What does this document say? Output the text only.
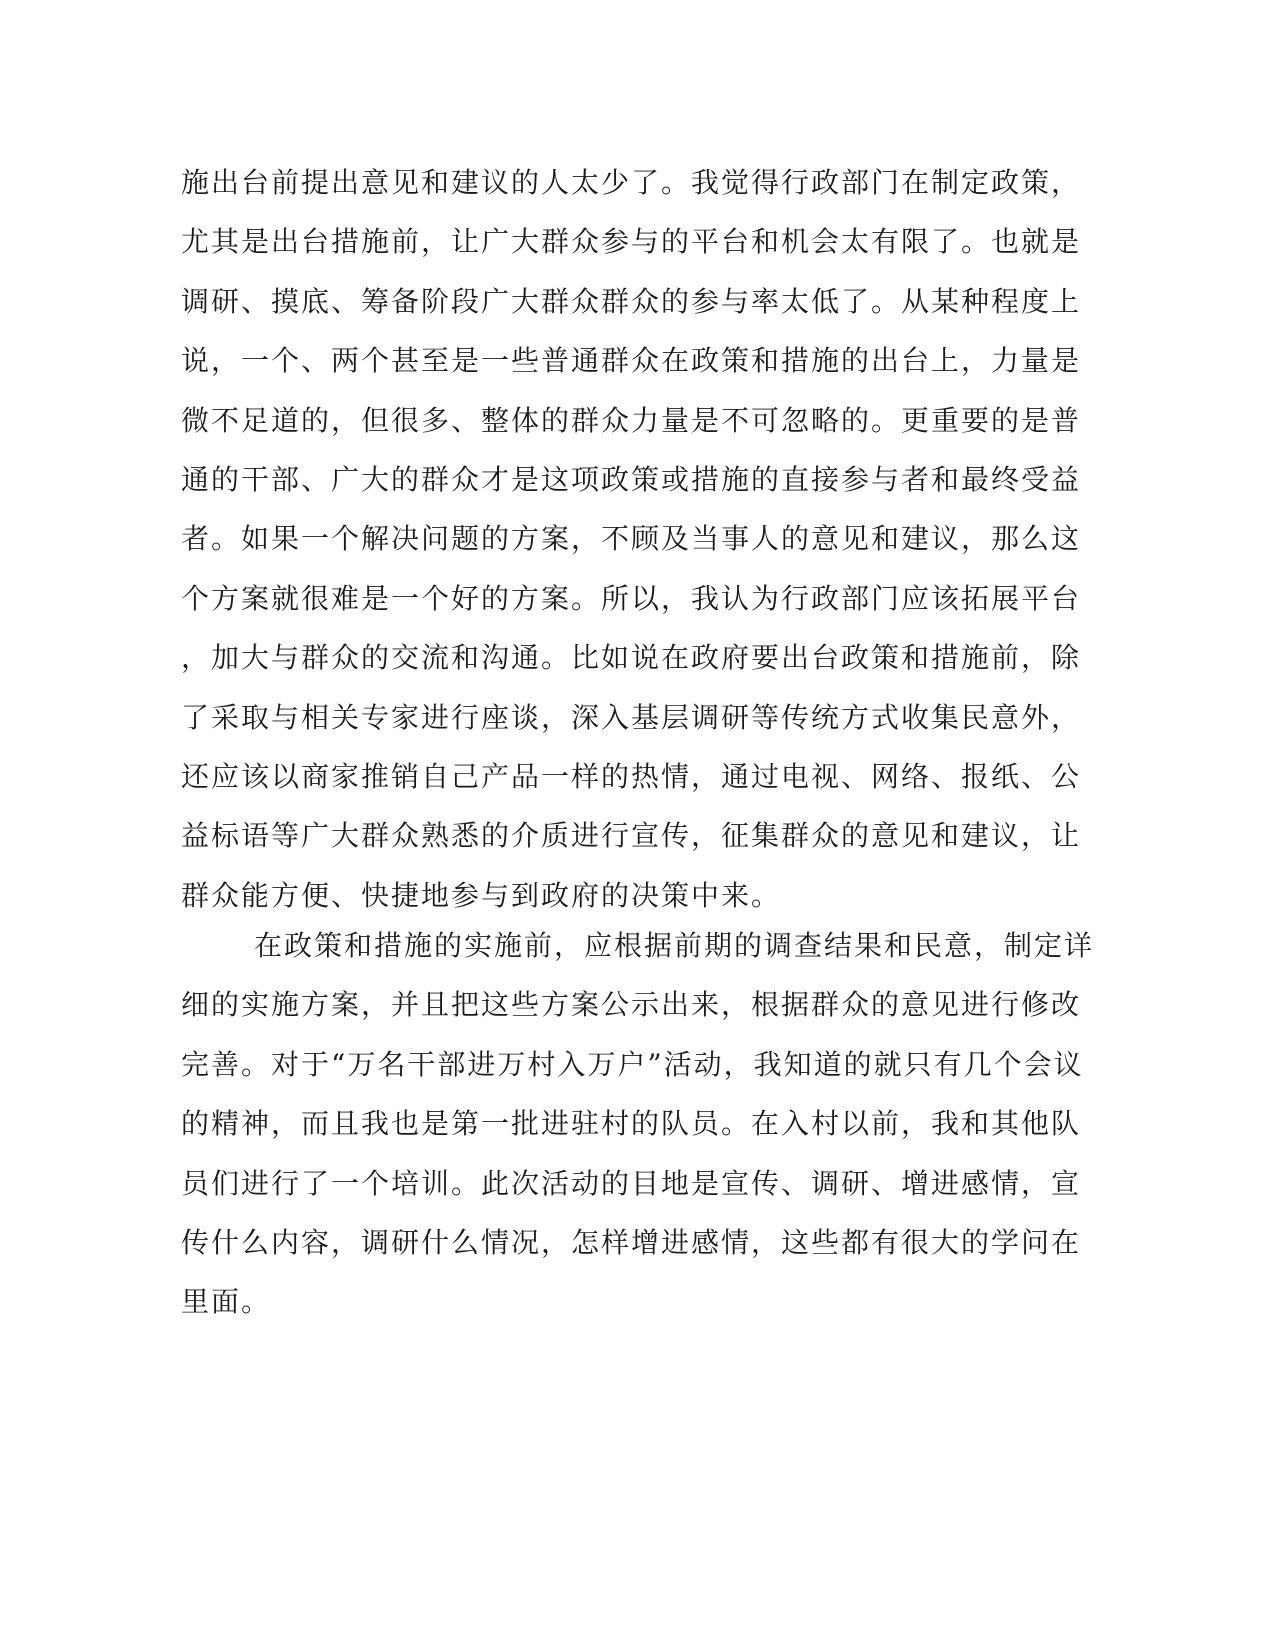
施出台前提出意见和建议的人太少了。我觉得行政部门在制定政策，
尤其是出台措施前，让广大群众参与的平台和机会太有限了。也就是
调研、摸底、筹备阶段广大群众群众的参与率太低了。从某种程度上
说，一个、两个甚至是一些普通群众在政策和措施的出台上，力量是
微不足道的，但很多、整体的群众力量是不可忽略的。更重要的是普
通的干部、广大的群众才是这项政策或措施的直接参与者和最终受益
者。如果一个解决问题的方案，不顾及当事人的意见和建议，那么这
个方案就很难是一个好的方案。所以，我认为行政部门应该拓展平台
，加大与群众的交流和沟通。比如说在政府要出台政策和措施前，除
了采取与相关专家进行座谈，深入基层调研等传统方式收集民意外，
还应该以商家推销自己产品一样的热情，通过电视、网络、报纸、公
益标语等广大群众熟悉的介质进行宣传，征集群众的意见和建议，让
群众能方便、快捷地参与到政府的决策中来。
在政策和措施的实施前，应根据前期的调查结果和民意，制定详
细的实施方案，并且把这些方案公示出来，根据群众的意见进行修改
完善。对于“万名干部进万村入万户”活动，我知道的就只有几个会议
的精神，而且我也是第一批进驻村的队员。在入村以前，我和其他队
员们进行了一个培训。此次活动的目地是宣传、调研、增进感情，宣
传什么内容，调研什么情况，怎样增进感情，这些都有很大的学问在
里面。
